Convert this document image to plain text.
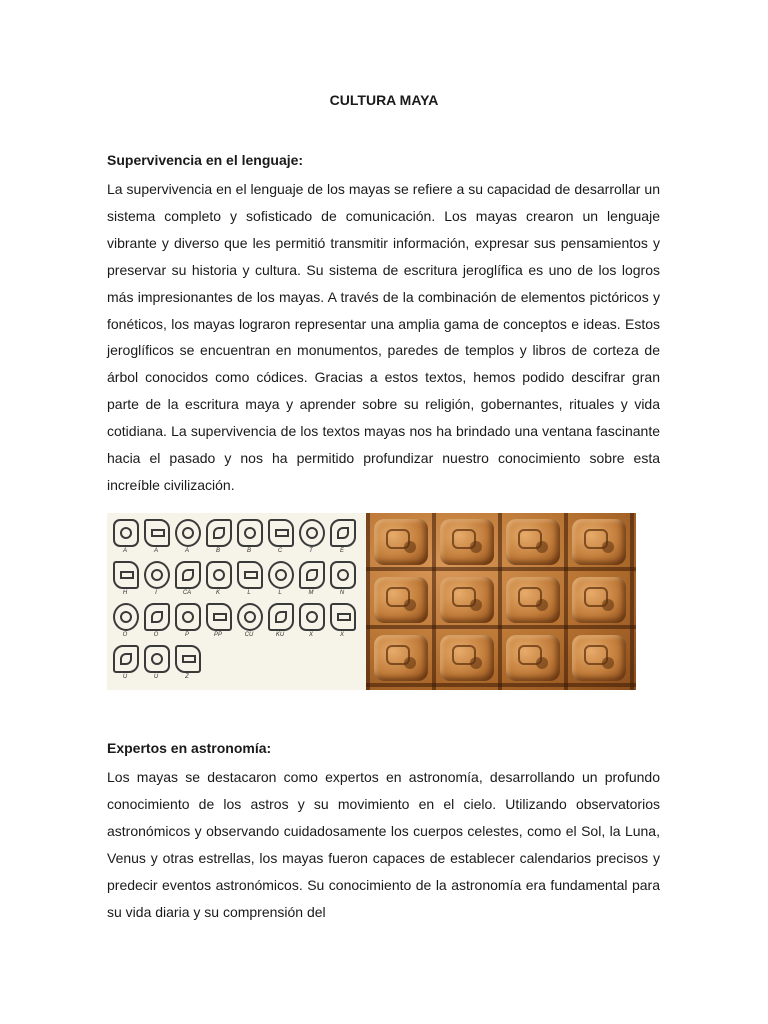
CULTURA MAYA
Supervivencia en el lenguaje:
La supervivencia en el lenguaje de los mayas se refiere a su capacidad de desarrollar un sistema completo y sofisticado de comunicación. Los mayas crearon un lenguaje vibrante y diverso que les permitió transmitir información, expresar sus pensamientos y preservar su historia y cultura. Su sistema de escritura jeroglífica es uno de los logros más impresionantes de los mayas. A través de la combinación de elementos pictóricos y fonéticos, los mayas lograron representar una amplia gama de conceptos e ideas. Estos jeroglíficos se encuentran en monumentos, paredes de templos y libros de corteza de árbol conocidos como códices. Gracias a estos textos, hemos podido descifrar gran parte de la escritura maya y aprender sobre su religión, gobernantes, rituales y vida cotidiana. La supervivencia de los textos mayas nos ha brindado una ventana fascinante hacia el pasado y nos ha permitido profundizar nuestro conocimiento sobre esta increíble civilización.
A	A	A	B	B	C	T	E
H	I	CA	K	L	L	M	N
O	O	P	PP	CU	KU	X	X
U	U	Z
Expertos en astronomía:
Los mayas se destacaron como expertos en astronomía, desarrollando un profundo conocimiento de los astros y su movimiento en el cielo. Utilizando observatorios astronómicos y observando cuidadosamente los cuerpos celestes, como el Sol, la Luna, Venus y otras estrellas, los mayas fueron capaces de establecer calendarios precisos y predecir eventos astronómicos. Su conocimiento de la astronomía era fundamental para su vida diaria y su comprensión del
